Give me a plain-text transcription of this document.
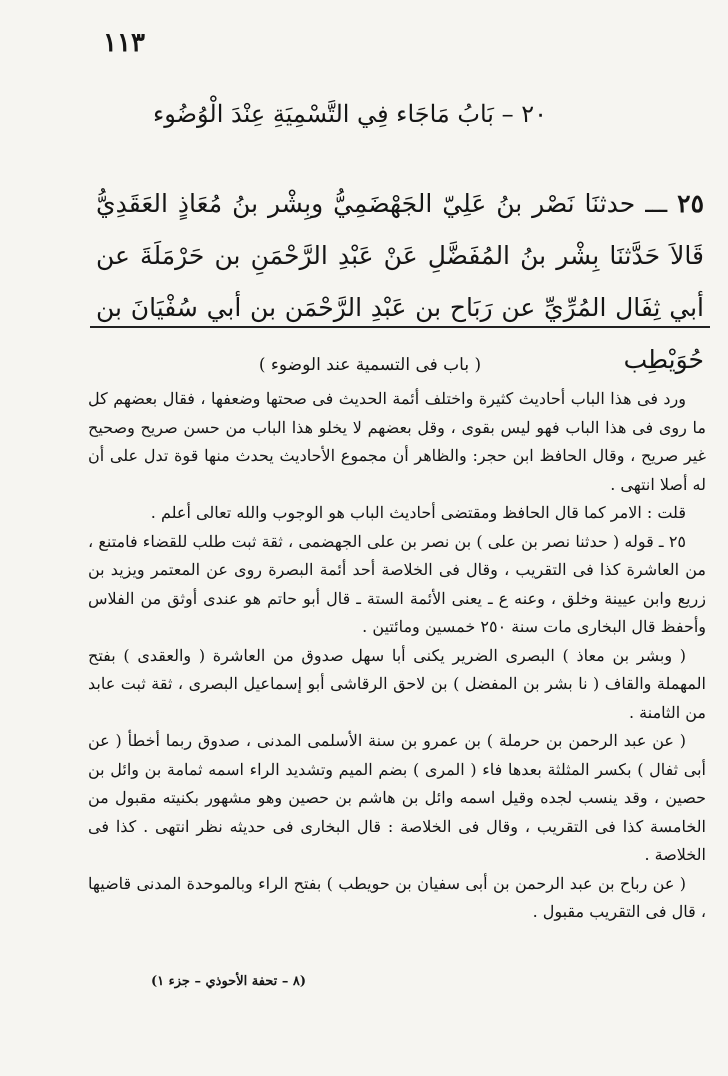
١١٣
٢٠ – بَابُ مَاجَاء فِي التَّسْمِيَةِ عِنْدَ الْوُضُوء
٢٥ ـــ حدثنَا نَصْر بنُ عَلِيّ الجَهْضَمِيُّ وبِشْر بنُ مُعَاذٍ العَقَدِيُّ قَالاَ حَدَّثنَا بِشْر بنُ المُفَضَّلِ عَنْ عَبْدِ الرَّحْمَنِ بن حَرْمَلَةَ عن أبي ثِفَال المُرِّيِّ عن رَبَاح بن عَبْدِ الرَّحْمَن بن أبي سُفْيَانَ بن حُوَيْطِب
( باب فى التسمية عند الوضوء )

ورد فى هذا الباب أحاديث كثيرة واختلف أئمة الحديث فى صحتها وضعفها ، فقال بعضهم كل ما روى فى هذا الباب فهو ليس بقوى ، وقل بعضهم لا يخلو هذا الباب من حسن صريح وصحيح غير صريح ، وقال الحافظ ابن حجر: والظاهر أن مجموع الأحاديث يحدث منها قوة تدل على أن له أصلا انتهى .

قلت : الامر كما قال الحافظ ومقتضى أحاديث الباب هو الوجوب والله تعالى أعلم .

٢٥ ـ قوله ( حدثنا نصر بن على ) بن نصر بن على الجهضمى ، ثقة ثبت طلب للقضاء فامتنع ، من العاشرة كذا فى التقريب ، وقال فى الخلاصة أحد أئمة البصرة روى عن المعتمر ويزيد بن زريع وابن عيينة وخلق ، وعنه ع ـ يعنى الأئمة الستة ـ قال أبو حاتم هو عندى أوثق من الفلاس وأحفظ قال البخارى مات سنة ٢٥٠ خمسين ومائتين .

( وبشر بن معاذ ) البصرى الضرير يكنى أبا سهل صدوق من العاشرة ( والعقدى ) بفتح المهملة والقاف ( نا بشر بن المفضل ) بن لاحق الرقاشى أبو إسماعيل البصرى ، ثقة ثبت عابد من الثامنة .

( عن عبد الرحمن بن حرملة ) بن عمرو بن سنة الأسلمى المدنى ، صدوق ربما أخطأ ( عن أبى ثفال ) بكسر المثلثة بعدها فاء ( المرى ) بضم الميم وتشديد الراء اسمه ثمامة بن وائل بن حصين ، وقد ينسب لجده وقيل اسمه وائل بن هاشم بن حصين وهو مشهور بكنيته مقبول من الخامسة كذا فى التقريب ، وقال فى الخلاصة : قال البخارى فى حديثه نظر انتهى . كذا فى الخلاصة .

( عن رباح بن عبد الرحمن بن أبى سفيان بن حويطب ) بفتح الراء وبالموحدة المدنى قاضيها ، قال فى التقريب مقبول .

(٨ – تحفة الأحوذي – جزء ١)
